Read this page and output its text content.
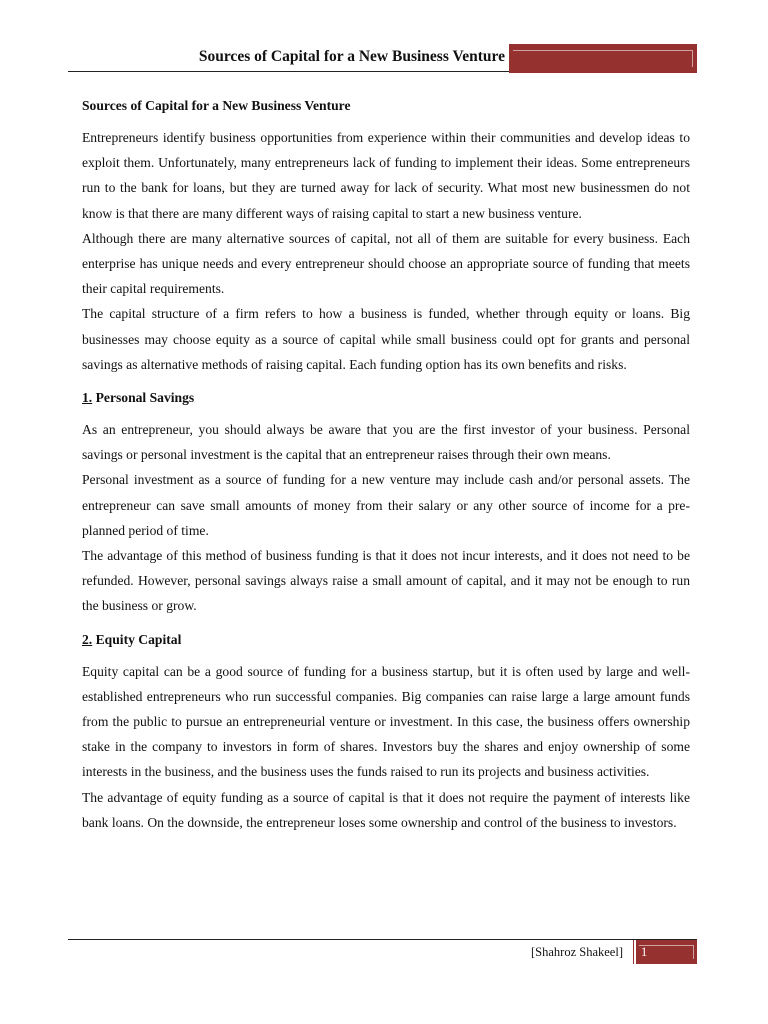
Sources of Capital for a New Business Venture
Sources of Capital for a New Business Venture

Entrepreneurs identify business opportunities from experience within their communities and develop ideas to exploit them. Unfortunately, many entrepreneurs lack of funding to implement their ideas. Some entrepreneurs run to the bank for loans, but they are turned away for lack of security. What most new businessmen do not know is that there are many different ways of raising capital to start a new business venture.

Although there are many alternative sources of capital, not all of them are suitable for every business. Each enterprise has unique needs and every entrepreneur should choose an appropriate source of funding that meets their capital requirements.

The capital structure of a firm refers to how a business is funded, whether through equity or loans. Big businesses may choose equity as a source of capital while small business could opt for grants and personal savings as alternative methods of raising capital. Each funding option has its own benefits and risks.

1. Personal Savings

As an entrepreneur, you should always be aware that you are the first investor of your business. Personal savings or personal investment is the capital that an entrepreneur raises through their own means.

Personal investment as a source of funding for a new venture may include cash and/or personal assets. The entrepreneur can save small amounts of money from their salary or any other source of income for a pre-planned period of time.

The advantage of this method of business funding is that it does not incur interests, and it does not need to be refunded. However, personal savings always raise a small amount of capital, and it may not be enough to run the business or grow.

2. Equity Capital

Equity capital can be a good source of funding for a business startup, but it is often used by large and well-established entrepreneurs who run successful companies. Big companies can raise large a large amount funds from the public to pursue an entrepreneurial venture or investment. In this case, the business offers ownership stake in the company to investors in form of shares. Investors buy the shares and enjoy ownership of some interests in the business, and the business uses the funds raised to run its projects and business activities.

The advantage of equity funding as a source of capital is that it does not require the payment of interests like bank loans. On the downside, the entrepreneur loses some ownership and control of the business to investors.

[Shahroz Shakeel] 1
